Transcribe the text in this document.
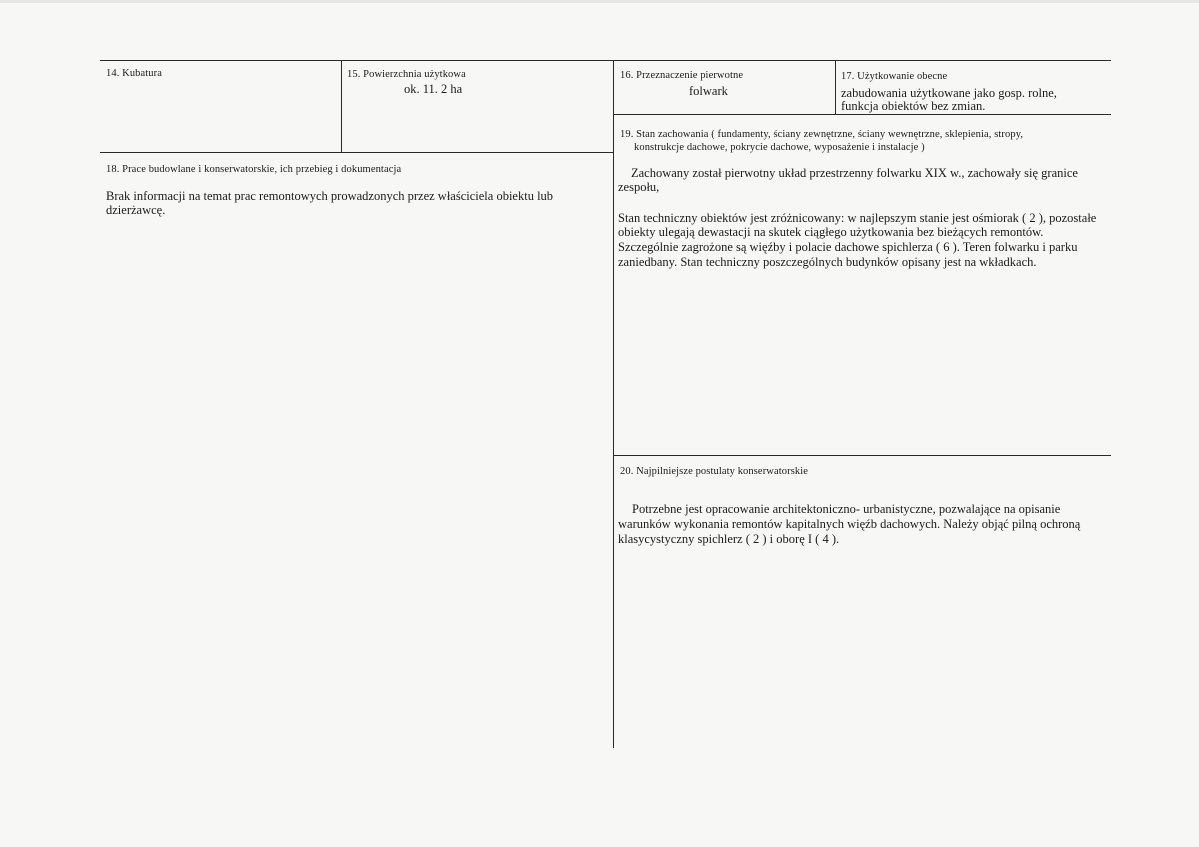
14. Kubatura	15. Powierzchnia użytkowa
ok. 11. 2 ha
16. Przeznaczenie pierwotne
folwark
17. Użytkowanie obecne
zabudowania użytkowane jako gosp. rolne,
funkcja obiektów bez zmian.
18. Prace budowlane i konserwatorskie, ich przebieg i dokumentacja
Brak informacji na temat prac remontowych prowadzonych przez właściciela obiektu lub
dzierżawcę.
19. Stan zachowania ( fundamenty, ściany zewnętrzne, ściany wewnętrzne, sklepienia, stropy,
konstrukcje dachowe, pokrycie dachowe, wyposażenie i instalacje )
Zachowany został pierwotny układ przestrzenny folwarku XIX w., zachowały się granice
zespołu,
Stan techniczny obiektów jest zróżnicowany: w najlepszym stanie jest ośmiorak ( 2 ), pozostałe
obiekty ulegają dewastacji na skutek ciągłego użytkowania bez bieżących remontów.
Szczególnie zagrożone są więźby i polacie dachowe spichlerza ( 6 ). Teren folwarku i parku
zaniedbany. Stan techniczny poszczególnych budynków opisany jest na wkładkach.
20. Najpilniejsze postulaty konserwatorskie
Potrzebne jest opracowanie architektoniczno- urbanistyczne, pozwalające na opisanie
warunków wykonania remontów kapitalnych więźb dachowych. Należy objąć pilną ochroną
klasycystyczny spichlerz ( 2 ) i oborę I ( 4 ).
